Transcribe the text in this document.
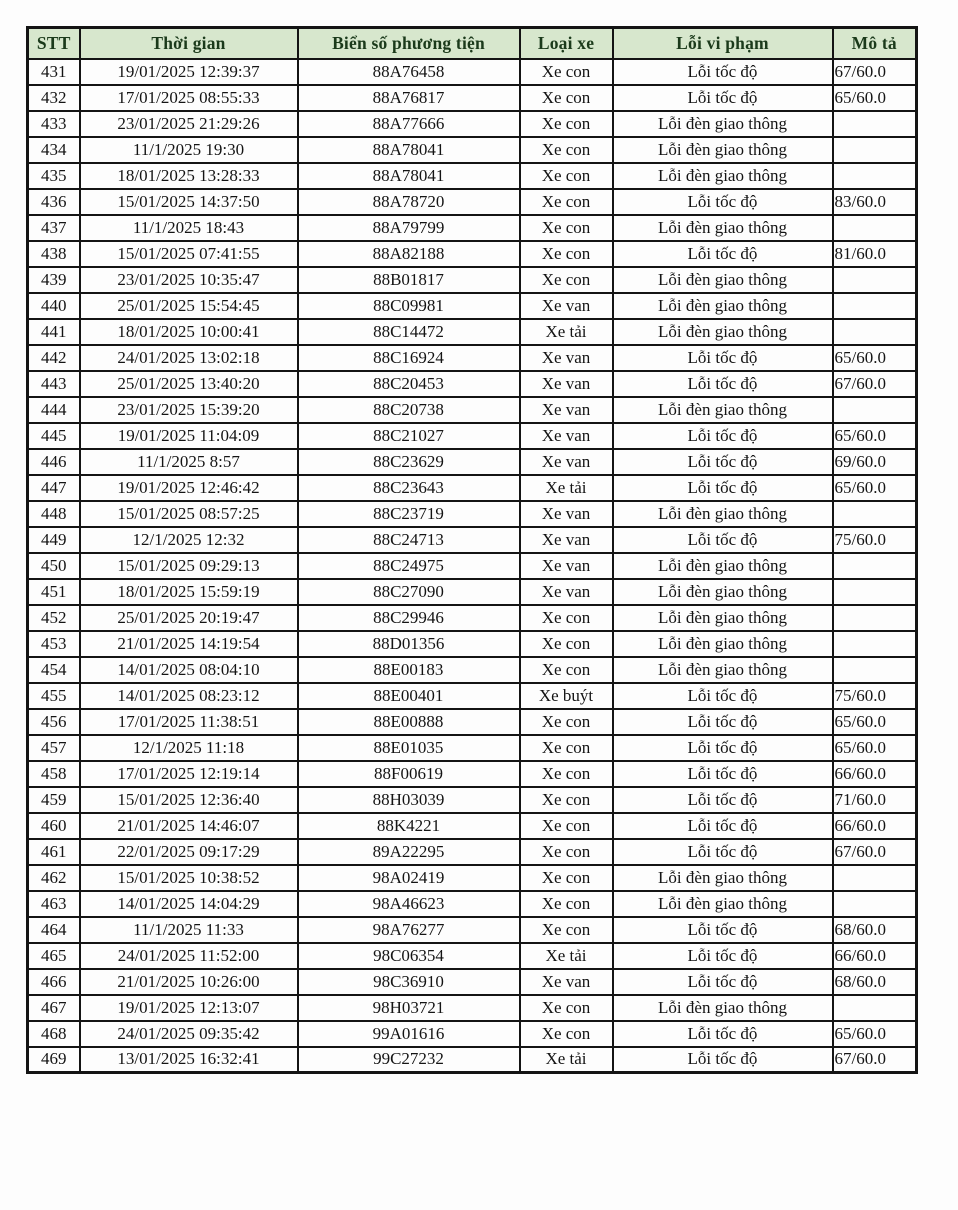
STT	Thời gian	Biển số phương tiện	Loại xe	Lỗi vi phạm	Mô tả
431	19/01/2025 12:39:37	88A76458	Xe con	Lỗi tốc độ	67/60.0
432	17/01/2025 08:55:33	88A76817	Xe con	Lỗi tốc độ	65/60.0
433	23/01/2025 21:29:26	88A77666	Xe con	Lỗi đèn giao thông	
434	11/1/2025 19:30	88A78041	Xe con	Lỗi đèn giao thông	
435	18/01/2025 13:28:33	88A78041	Xe con	Lỗi đèn giao thông	
436	15/01/2025 14:37:50	88A78720	Xe con	Lỗi tốc độ	83/60.0
437	11/1/2025 18:43	88A79799	Xe con	Lỗi đèn giao thông	
438	15/01/2025 07:41:55	88A82188	Xe con	Lỗi tốc độ	81/60.0
439	23/01/2025 10:35:47	88B01817	Xe con	Lỗi đèn giao thông	
440	25/01/2025 15:54:45	88C09981	Xe van	Lỗi đèn giao thông	
441	18/01/2025 10:00:41	88C14472	Xe tải	Lỗi đèn giao thông	
442	24/01/2025 13:02:18	88C16924	Xe van	Lỗi tốc độ	65/60.0
443	25/01/2025 13:40:20	88C20453	Xe van	Lỗi tốc độ	67/60.0
444	23/01/2025 15:39:20	88C20738	Xe van	Lỗi đèn giao thông	
445	19/01/2025 11:04:09	88C21027	Xe van	Lỗi tốc độ	65/60.0
446	11/1/2025 8:57	88C23629	Xe van	Lỗi tốc độ	69/60.0
447	19/01/2025 12:46:42	88C23643	Xe tải	Lỗi tốc độ	65/60.0
448	15/01/2025 08:57:25	88C23719	Xe van	Lỗi đèn giao thông	
449	12/1/2025 12:32	88C24713	Xe van	Lỗi tốc độ	75/60.0
450	15/01/2025 09:29:13	88C24975	Xe van	Lỗi đèn giao thông	
451	18/01/2025 15:59:19	88C27090	Xe van	Lỗi đèn giao thông	
452	25/01/2025 20:19:47	88C29946	Xe con	Lỗi đèn giao thông	
453	21/01/2025 14:19:54	88D01356	Xe con	Lỗi đèn giao thông	
454	14/01/2025 08:04:10	88E00183	Xe con	Lỗi đèn giao thông	
455	14/01/2025 08:23:12	88E00401	Xe buýt	Lỗi tốc độ	75/60.0
456	17/01/2025 11:38:51	88E00888	Xe con	Lỗi tốc độ	65/60.0
457	12/1/2025 11:18	88E01035	Xe con	Lỗi tốc độ	65/60.0
458	17/01/2025 12:19:14	88F00619	Xe con	Lỗi tốc độ	66/60.0
459	15/01/2025 12:36:40	88H03039	Xe con	Lỗi tốc độ	71/60.0
460	21/01/2025 14:46:07	88K4221	Xe con	Lỗi tốc độ	66/60.0
461	22/01/2025 09:17:29	89A22295	Xe con	Lỗi tốc độ	67/60.0
462	15/01/2025 10:38:52	98A02419	Xe con	Lỗi đèn giao thông	
463	14/01/2025 14:04:29	98A46623	Xe con	Lỗi đèn giao thông	
464	11/1/2025 11:33	98A76277	Xe con	Lỗi tốc độ	68/60.0
465	24/01/2025 11:52:00	98C06354	Xe tải	Lỗi tốc độ	66/60.0
466	21/01/2025 10:26:00	98C36910	Xe van	Lỗi tốc độ	68/60.0
467	19/01/2025 12:13:07	98H03721	Xe con	Lỗi đèn giao thông	
468	24/01/2025 09:35:42	99A01616	Xe con	Lỗi tốc độ	65/60.0
469	13/01/2025 16:32:41	99C27232	Xe tải	Lỗi tốc độ	67/60.0
